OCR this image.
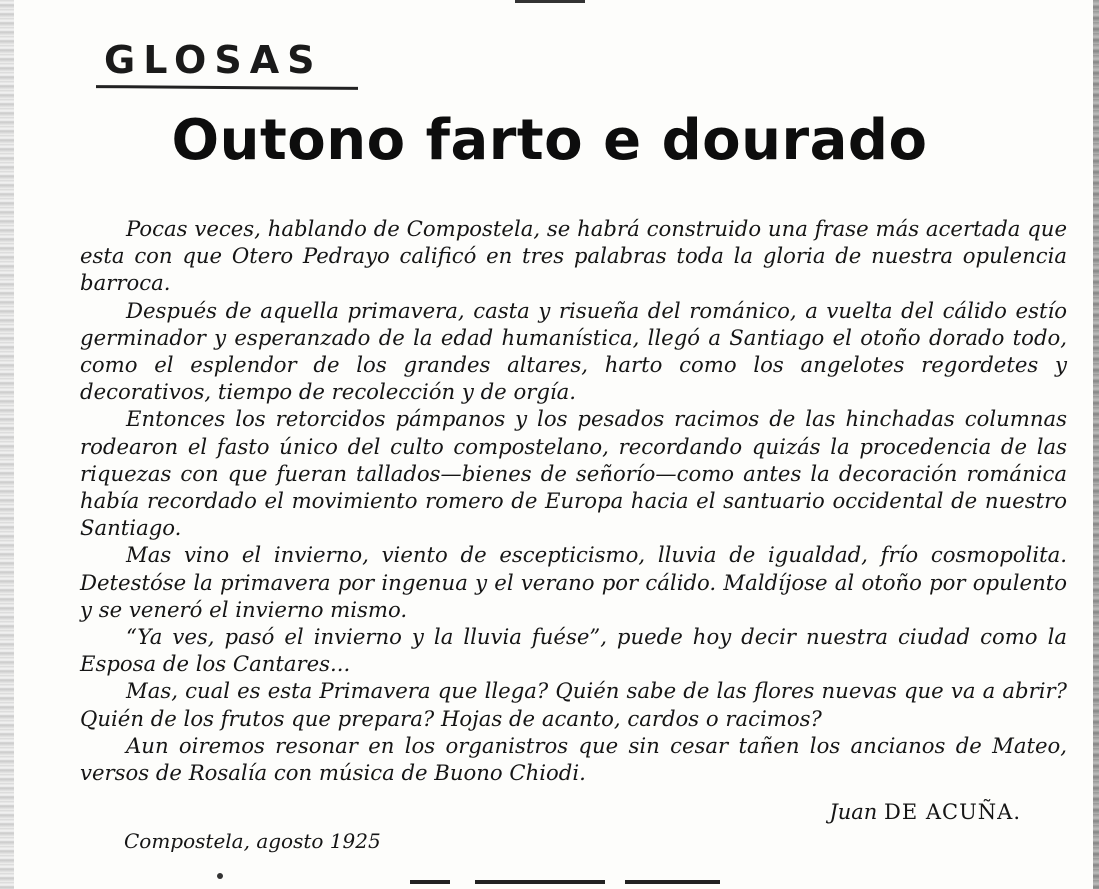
GLOSAS
Outono farto e dourado

Pocas veces, hablando de Compostela, se habrá construido una frase más acertada que esta con que Otero Pedrayo calificó en tres palabras toda la gloria de nuestra opulencia barroca.

Después de aquella primavera, casta y risueña del románico, a vuelta del cálido estío germinador y esperanzado de la edad humanística, llegó a Santiago el otoño dorado todo, como el esplendor de los grandes altares, harto como los angelotes regordetes y decorativos, tiempo de recolección y de orgía.

Entonces los retorcidos pámpanos y los pesados racimos de las hinchadas columnas rodearon el fasto único del culto compostelano, recordando quizás la procedencia de las riquezas con que fueran tallados—bienes de señorío—como antes la decoración románica había recordado el movimiento romero de Europa hacia el santuario occidental de nuestro Santiago.

Mas vino el invierno, viento de escepticismo, lluvia de igualdad, frío cosmopolita. Detestóse la primavera por ingenua y el verano por cálido. Maldíjose al otoño por opulento y se veneró el invierno mismo.

“Ya ves, pasó el invierno y la lluvia fuése”, puede hoy decir nuestra ciudad como la Esposa de los Cantares...

Mas, cual es esta Primavera que llega? Quién sabe de las flores nuevas que va a abrir? Quién de los frutos que prepara? Hojas de acanto, cardos o racimos?

Aun oiremos resonar en los organistros que sin cesar tañen los ancianos de Mateo, versos de Rosalía con música de Buono Chiodi.

Juan DE ACUÑA.

Compostela, agosto 1925
